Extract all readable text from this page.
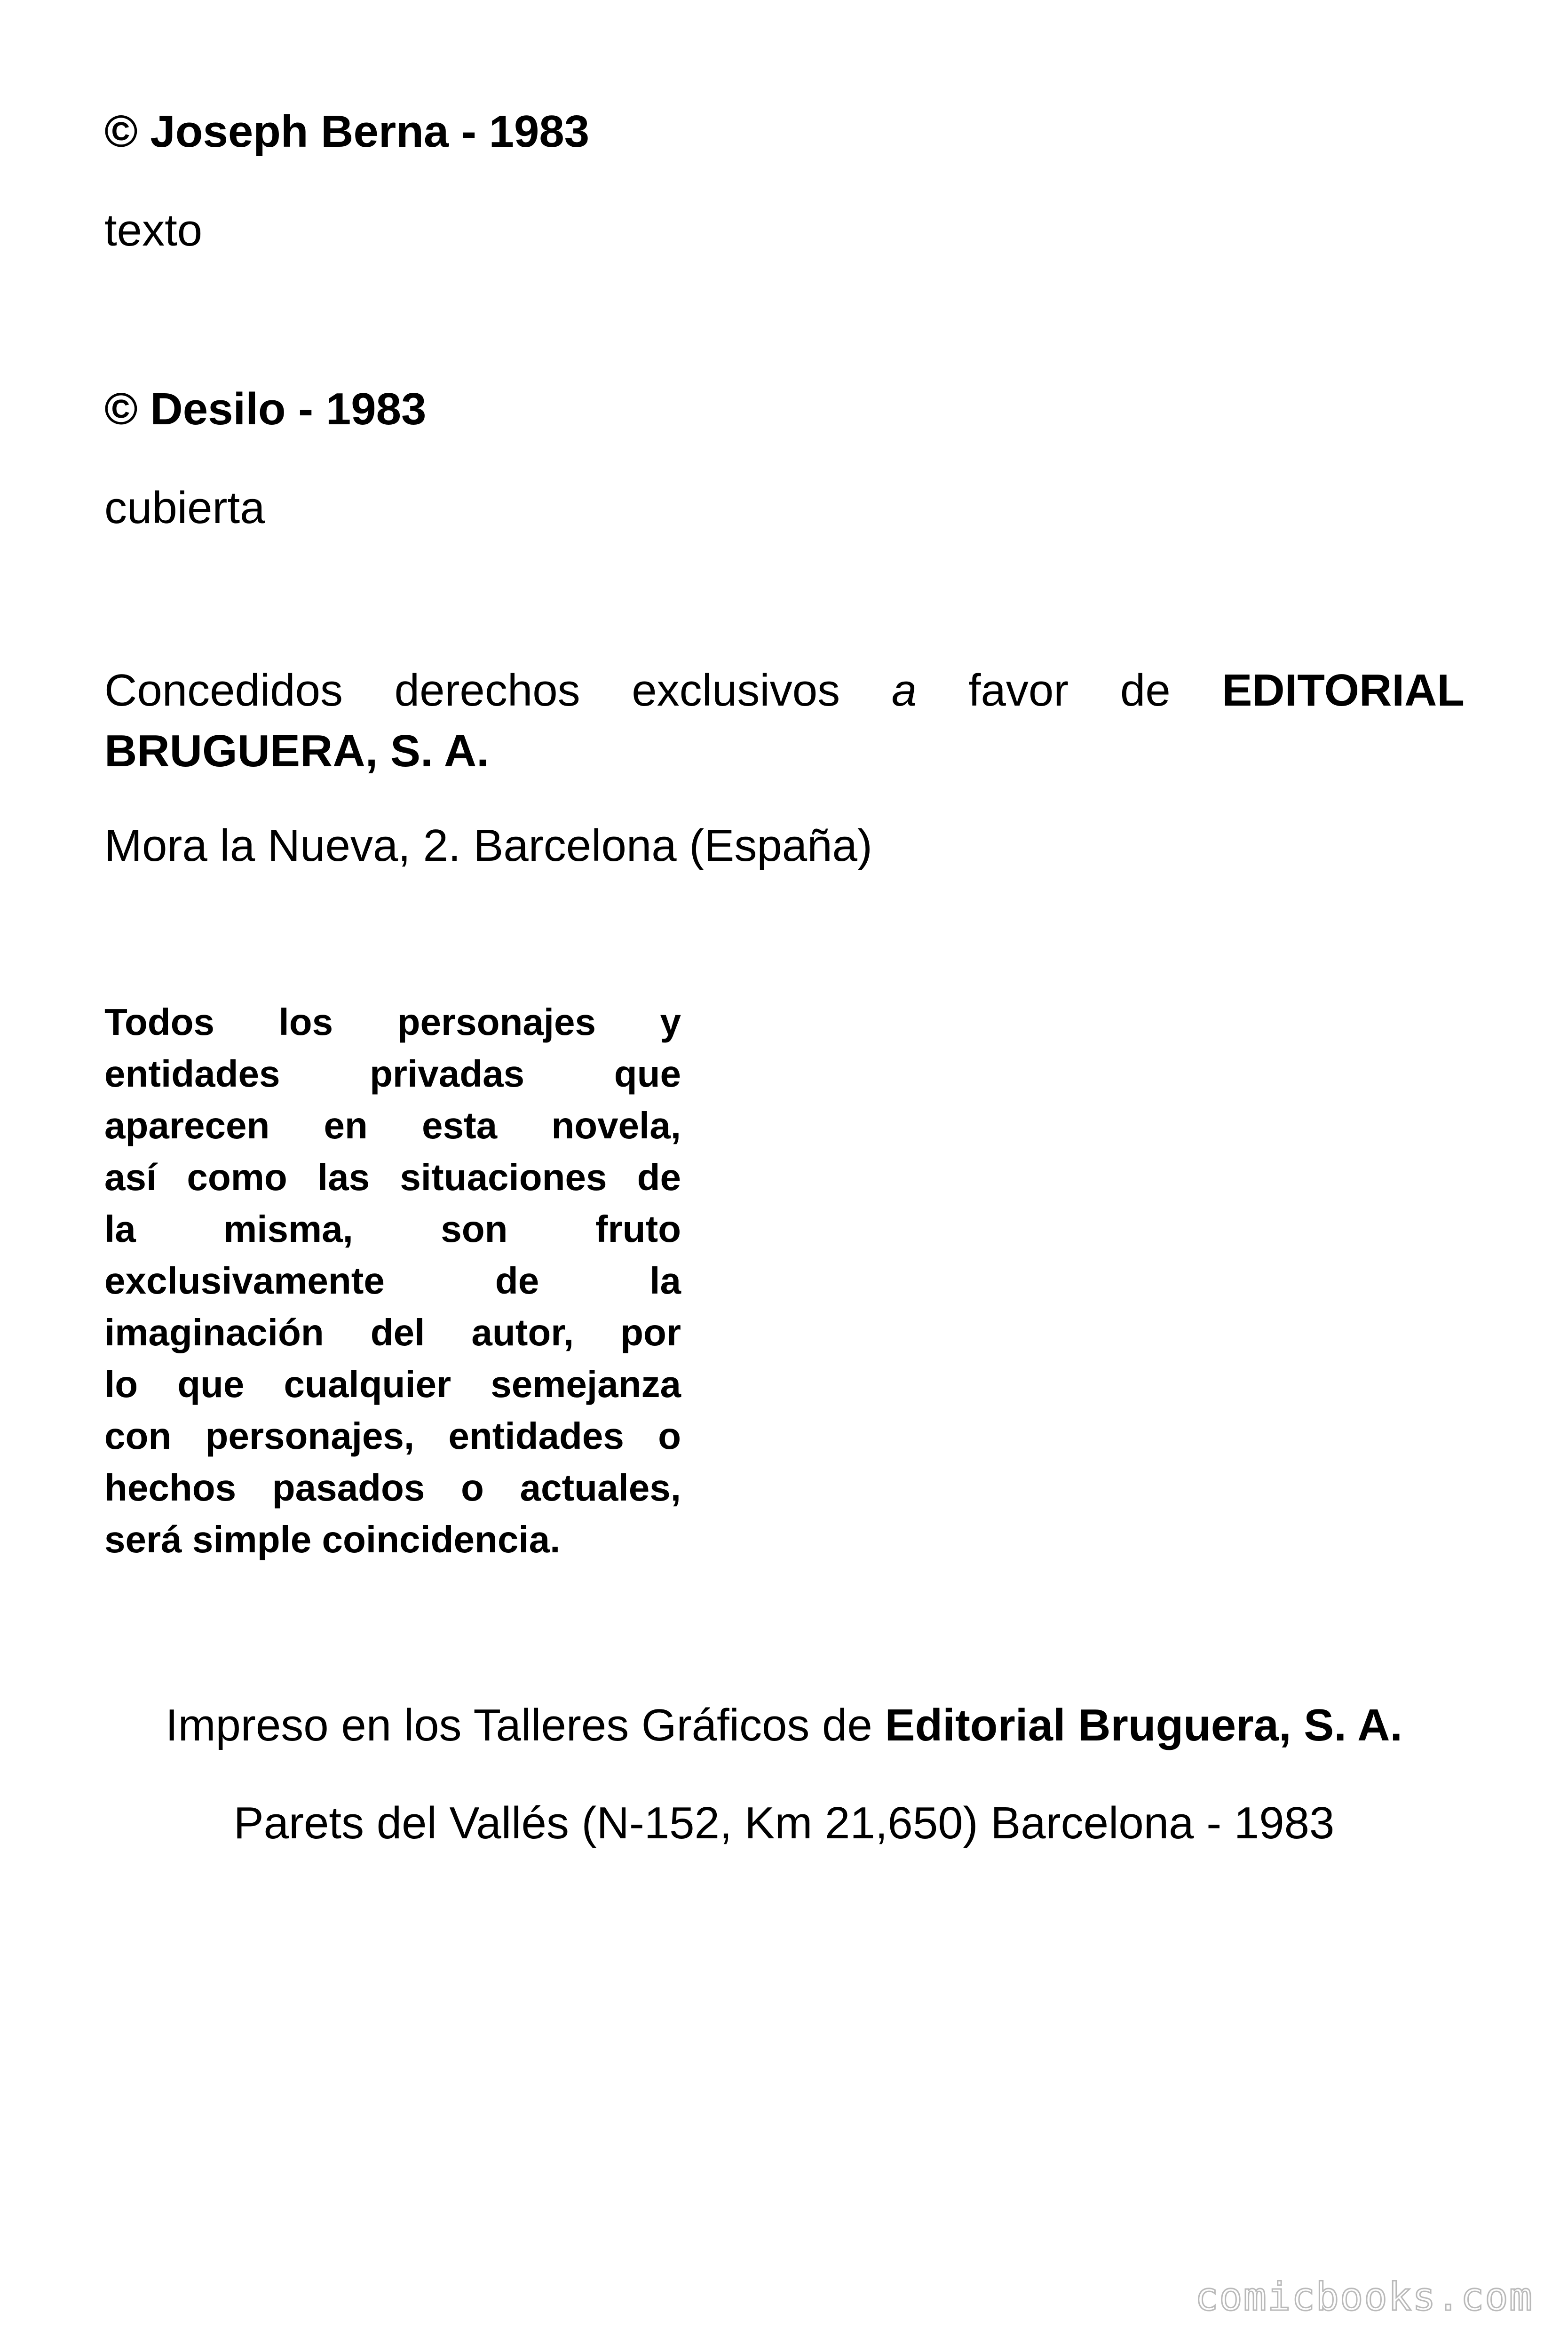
© Joseph Berna - 1983
texto
© Desilo - 1983
cubierta
Concedidos derechos exclusivos a favor de EDITORIAL
BRUGUERA, S. A.
Mora la Nueva, 2. Barcelona (España)
Todos los personajes y
entidades privadas que
aparecen en esta novela,
así como las situaciones de
la misma, son fruto
exclusivamente	de	la
imaginación del autor, por
lo que cualquier semejanza
con personajes, entidades o
hechos pasados o actuales,
será simple coincidencia.
Impreso en los Talleres Gráficos de Editorial Bruguera, S. A.
Parets del Vallés (N-152, Km 21,650) Barcelona - 1983
comicbooks.com
